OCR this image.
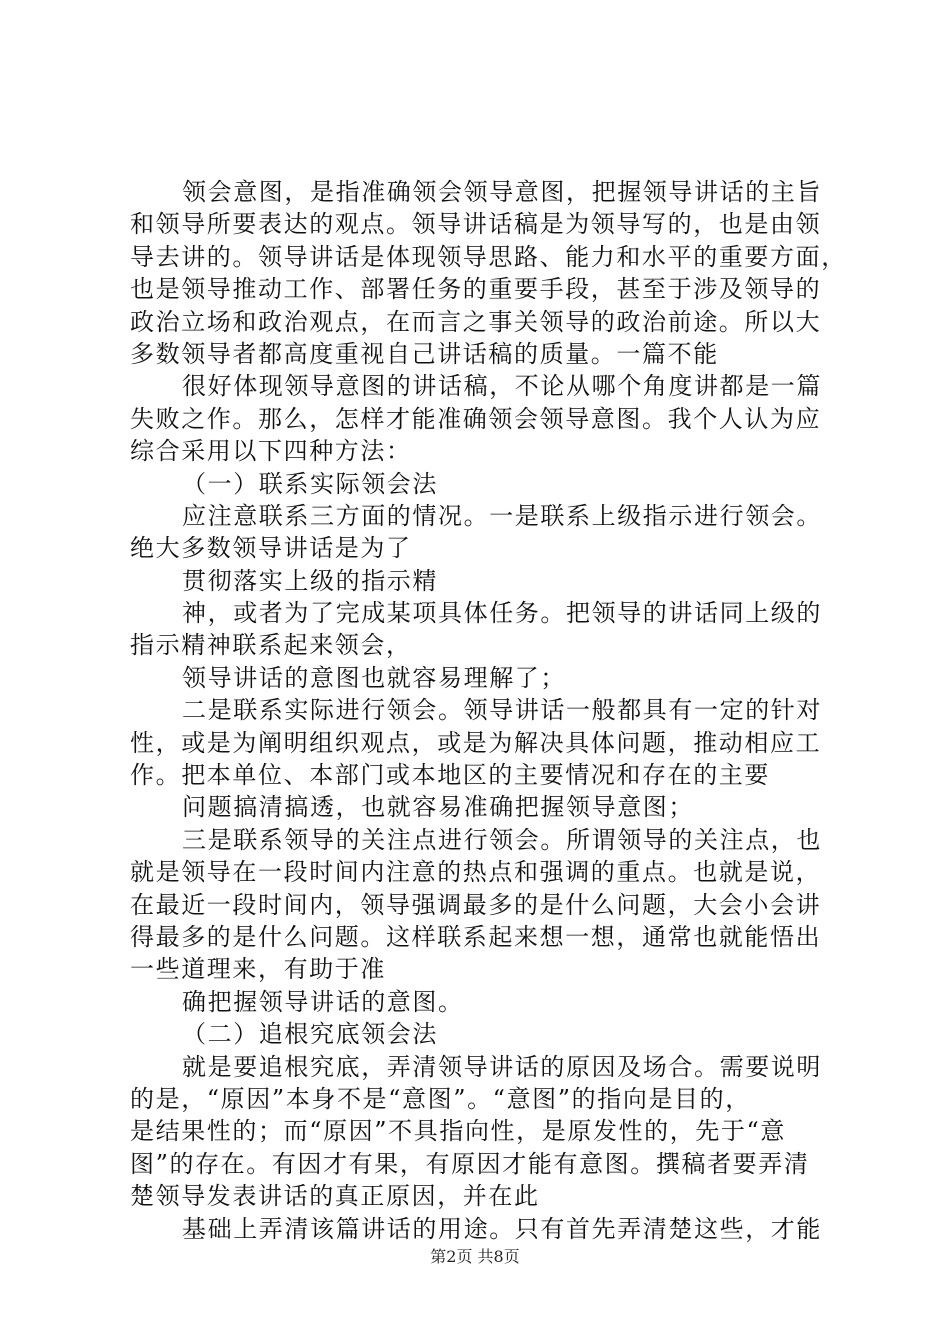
领会意图，是指准确领会领导意图，把握领导讲话的主旨
和领导所要表达的观点。领导讲话稿是为领导写的，也是由领
导去讲的。领导讲话是体现领导思路、能力和水平的重要方面，
也是领导推动工作、部署任务的重要手段，甚至于涉及领导的
政治立场和政治观点，在而言之事关领导的政治前途。所以大
多数领导者都高度重视自己讲话稿的质量。一篇不能
很好体现领导意图的讲话稿，不论从哪个角度讲都是一篇
失败之作。那么，怎样才能准确领会领导意图。我个人认为应
综合采用以下四种方法：
（一）联系实际领会法
应注意联系三方面的情况。一是联系上级指示进行领会。
绝大多数领导讲话是为了
贯彻落实上级的指示精
神，或者为了完成某项具体任务。把领导的讲话同上级的
指示精神联系起来领会，
领导讲话的意图也就容易理解了；
二是联系实际进行领会。领导讲话一般都具有一定的针对
性，或是为阐明组织观点，或是为解决具体问题，推动相应工
作。把本单位、本部门或本地区的主要情况和存在的主要
问题搞清搞透，也就容易准确把握领导意图；
三是联系领导的关注点进行领会。所谓领导的关注点，也
就是领导在一段时间内注意的热点和强调的重点。也就是说，
在最近一段时间内，领导强调最多的是什么问题，大会小会讲
得最多的是什么问题。这样联系起来想一想，通常也就能悟出
一些道理来，有助于准
确把握领导讲话的意图。
（二）追根究底领会法
就是要追根究底，弄清领导讲话的原因及场合。需要说明
的是，“原因”本身不是“意图”。“意图”的指向是目的，
是结果性的；而“原因”不具指向性，是原发性的，先于“意
图”的存在。有因才有果，有原因才能有意图。撰稿者要弄清
楚领导发表讲话的真正原因，并在此
基础上弄清该篇讲话的用途。只有首先弄清楚这些，才能
第2页 共8页
